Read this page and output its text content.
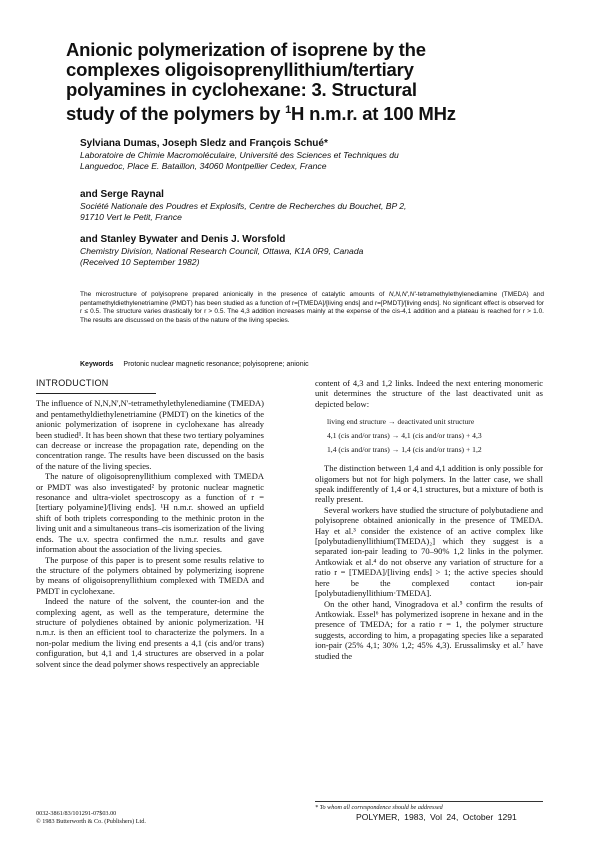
Anionic polymerization of isoprene by the
complexes oligoisoprenyllithium/tertiary
polyamines in cyclohexane: 3. Structural
study of the polymers by $^1$H n.m.r. at 100 MHz
Sylviana Dumas, Joseph Sledz and François Schué*
Laboratoire de Chimie Macromoléculaire, Université des Sciences et Techniques du
Languedoc, Place E. Bataillon, 34060 Montpellier Cedex, France
and Serge Raynal
Société Nationale des Poudres et Explosifs, Centre de Recherches du Bouchet, BP 2,
91710 Vert le Petit, France
and Stanley Bywater and Denis J. Worsfold
Chemistry Division, National Research Council, Ottawa, K1A 0R9, Canada
(Received 10 September 1982)
The microstructure of polyisoprene prepared anionically in the presence of catalytic amounts of N,N,N',N'-tetramethylethylenediamine (TMEDA) and pentamethyldiethylenetriamine (PMDT) has been studied as a function of r=[TMEDA]/[living ends] and r=[PMDT]/[living ends]. No significant effect is observed for r ≤ 0.5. The structure varies drastically for r > 0.5. The 4,3 addition increases mainly at the expense of the cis-4,1 addition and a plateau is reached for r > 1.0. The results are discussed on the basis of the nature of the living species.
Keywords Protonic nuclear magnetic resonance; polyisoprene; anionic
INTRODUCTION

The influence of N,N,N',N'-tetramethylethylenediamine (TMEDA) and pentamethyldiethylenetriamine (PMDT) on the kinetics of the anionic polymerization of isoprene in cyclohexane has already been studied¹. It has been shown that these two tertiary polyamines can decrease or increase the propagation rate, depending on the concentration range. The results have been discussed on the basis of the nature of the living species.

The nature of oligoisoprenyllithium complexed with TMEDA or PMDT was also investigated² by protonic nuclear magnetic resonance and ultra-violet spectroscopy as a function of r = [tertiary polyamine]/[living ends]. ¹H n.m.r. showed an upfield shift of both triplets corresponding to the methinic proton in the living unit and a simultaneous trans–cis isomerization of the living ends. The u.v. spectra confirmed the n.m.r. results and gave information about the association of the living species.

The purpose of this paper is to present some results relative to the structure of the polymers obtained by polymerizing isoprene by means of oligoisoprenyllithium complexed with TMEDA and PMDT in cyclohexane.

Indeed the nature of the solvent, the counter-ion and the complexing agent, as well as the temperature, determine the structure of polydienes obtained by anionic polymerization. ¹H n.m.r. is then an efficient tool to characterize the polymers. In a non-polar medium the living end presents a 4,1 (cis and/or trans) configuration, but 4,1 and 1,4 structures are observed in a polar solvent since the dead polymer shows respectively an appreciable

content of 4,3 and 1,2 links. Indeed the next entering monomeric unit determines the structure of the last deactivated unit as depicted below:

living end structure → deactivated unit structure
4,1 (cis and/or trans) → 4,1 (cis and/or trans) + 4,3
1,4 (cis and/or trans) → 1,4 (cis and/or trans) + 1,2

The distinction between 1,4 and 4,1 addition is only possible for oligomers but not for high polymers. In the latter case, we shall speak indifferently of 1,4 or 4,1 structures, but a mixture of both is really present.

Several workers have studied the structure of polybutadiene and polyisoprene obtained anionically in the presence of TMEDA. Hay et al.³ consider the existence of an active complex like [polybutadienyllithium(TMEDA)₂] which they suggest is a separated ion-pair leading to 70–90% 1,2 links in the polymer. Antkowiak et al.⁴ do not observe any variation of structure for a ratio r = [TMEDA]/[living ends] > 1; the active species should here be the complexed contact ion-pair [polybutadienyllithium·TMEDA].

On the other hand, Vinogradova et al.⁵ confirm the results of Antkowiak. Essel⁶ has polymerized isoprene in hexane and in the presence of TMEDA; for a ratio r = 1, the polymer structure suggests, according to him, a propagating species like a separated ion-pair (25% 4,1; 30% 1,2; 45% 4,3). Erussalimsky et al.⁷ have studied the

* To whom all correspondence should be addressed
0032-3861/83/101291-07$03.00
© 1983 Butterworth & Co. (Publishers) Ltd.	POLYMER, 1983, Vol 24, October 1291
